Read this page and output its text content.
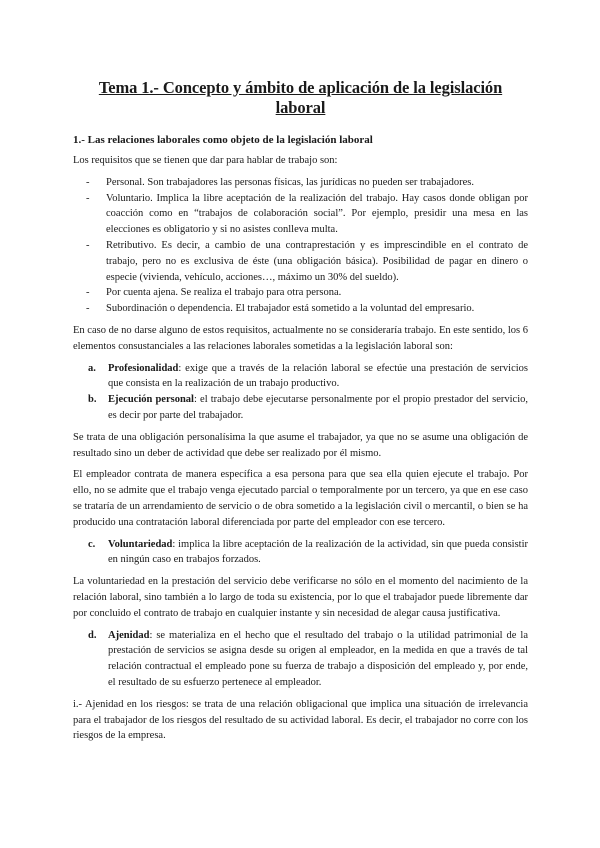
Tema 1.- Concepto y ámbito de aplicación de la legislación laboral
1.- Las relaciones laborales como objeto de la legislación laboral

Los requisitos que se tienen que dar para hablar de trabajo son:

- Personal. Son trabajadores las personas físicas, las jurídicas no pueden ser trabajadores.
- Voluntario. Implica la libre aceptación de la realización del trabajo. Hay casos donde obligan por coacción como en “trabajos de colaboración social”. Por ejemplo, presidir una mesa en las elecciones es obligatorio y si no asistes conlleva multa.
- Retributivo. Es decir, a cambio de una contraprestación y es imprescindible en el contrato de trabajo, pero no es exclusiva de éste (una obligación básica). Posibilidad de pagar en dinero o especie (vivienda, vehículo, acciones…, máximo un 30% del sueldo).
- Por cuenta ajena. Se realiza el trabajo para otra persona.
- Subordinación o dependencia. El trabajador está sometido a la voluntad del empresario.

En caso de no darse alguno de estos requisitos, actualmente no se consideraría trabajo. En este sentido, los 6 elementos consustanciales a las relaciones laborales sometidas a la legislación laboral son:

a. Profesionalidad: exige que a través de la relación laboral se efectúe una prestación de servicios que consista en la realización de un trabajo productivo.
b. Ejecución personal: el trabajo debe ejecutarse personalmente por el propio prestador del servicio, es decir por parte del trabajador.

Se trata de una obligación personalísima la que asume el trabajador, ya que no se asume una obligación de resultado sino un deber de actividad que debe ser realizado por él mismo.

El empleador contrata de manera específica a esa persona para que sea ella quien ejecute el trabajo. Por ello, no se admite que el trabajo venga ejecutado parcial o temporalmente por un tercero, ya que en ese caso se trataría de un arrendamiento de servicio o de obra sometido a la legislación civil o mercantil, o bien se ha producido una contratación laboral diferenciada por parte del empleador con ese tercero.

c. Voluntariedad: implica la libre aceptación de la realización de la actividad, sin que pueda consistir en ningún caso en trabajos forzados.

La voluntariedad en la prestación del servicio debe verificarse no sólo en el momento del nacimiento de la relación laboral, sino también a lo largo de toda su existencia, por lo que el trabajador puede libremente dar por concluido el contrato de trabajo en cualquier instante y sin necesidad de alegar causa justificativa.

d. Ajenidad: se materializa en el hecho que el resultado del trabajo o la utilidad patrimonial de la prestación de servicios se asigna desde su origen al empleador, en la medida en que a través de tal relación contractual el empleado pone su fuerza de trabajo a disposición del empleado y, por ende, el resultado de su esfuerzo pertenece al empleador.

i.- Ajenidad en los riesgos: se trata de una relación obligacional que implica una situación de irrelevancia para el trabajador de los riesgos del resultado de su actividad laboral. Es decir, el trabajador no corre con los riesgos de la empresa.
